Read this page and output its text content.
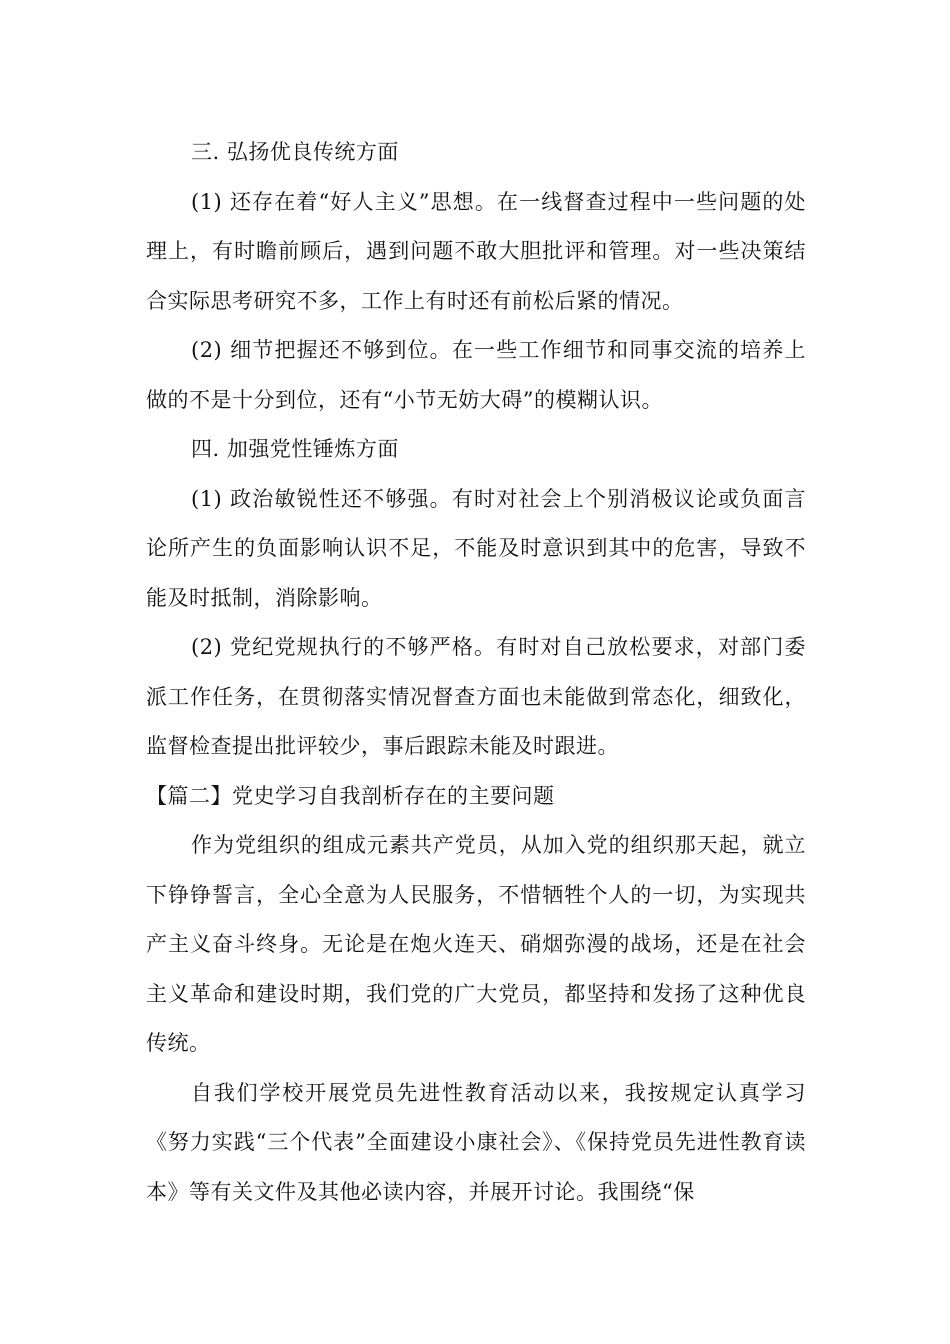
三. 弘扬优良传统方面

(1) 还存在着“好人主义”思想。在一线督查过程中一些问题的处理上，有时瞻前顾后，遇到问题不敢大胆批评和管理。对一些决策结合实际思考研究不多，工作上有时还有前松后紧的情况。

(2) 细节把握还不够到位。在一些工作细节和同事交流的培养上做的不是十分到位，还有“小节无妨大碍”的模糊认识。

四. 加强党性锤炼方面

(1) 政治敏锐性还不够强。有时对社会上个别消极议论或负面言论所产生的负面影响认识不足，不能及时意识到其中的危害，导致不能及时抵制，消除影响。

(2) 党纪党规执行的不够严格。有时对自己放松要求，对部门委派工作任务，在贯彻落实情况督查方面也未能做到常态化，细致化，监督检查提出批评较少，事后跟踪未能及时跟进。

【篇二】党史学习自我剖析存在的主要问题

作为党组织的组成元素共产党员，从加入党的组织那天起，就立下铮铮誓言，全心全意为人民服务，不惜牺牲个人的一切，为实现共产主义奋斗终身。无论是在炮火连天、硝烟弥漫的战场，还是在社会主义革命和建设时期，我们党的广大党员，都坚持和发扬了这种优良传统。

自我们学校开展党员先进性教育活动以来，我按规定认真学习《努力实践“三个代表”全面建设小康社会》、《保持党员先进性教育读本》等有关文件及其他必读内容，并展开讨论。我围绕“保
